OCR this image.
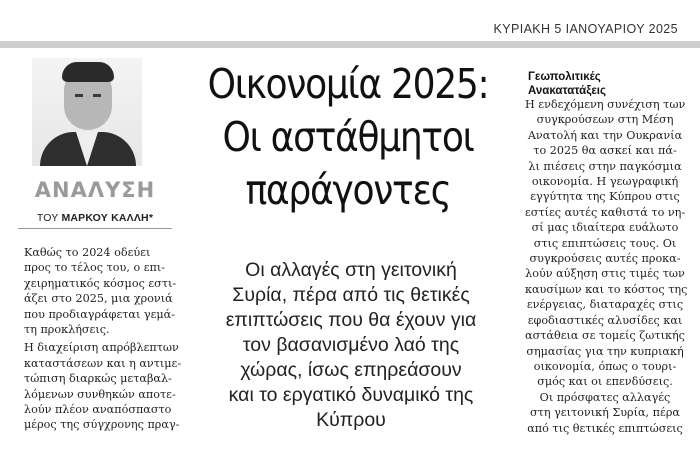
ΚΥΡΙΑΚΗ 5 ΙΑΝΟΥΑΡΙΟΥ 2025
ΑΝΑΛΥΣΗ
ΤΟΥ ΜΑΡΚΟΥ ΚΑΛΛΗ*

Καθώς το 2024 οδεύει
προς το τέλος του, ο επι-
χειρηματικός κόσμος εστι-
άζει στο 2025, μια χρονιά
που προδιαγράφεται γεμά-
τη προκλήσεις.

Η διαχείριση απρόβλεπτων
καταστάσεων και η αντιμε-
τώπιση διαρκώς μεταβαλ-
λόμενων συνθηκών αποτε-
λούν πλέον αναπόσπαστο
μέρος της σύγχρονης πραγ-

Οικονομία 2025:
Οι αστάθμητοι
παράγοντες
Οι αλλαγές στη γειτονική
Συρία, πέρα από τις θετικές
επιπτώσεις που θα έχουν για
τον βασανισμένο λαό της
χώρας, ίσως επηρεάσουν
και το εργατικό δυναμικό της
Κύπρου
Γεωπολιτικές
Ανακατατάξεις
Η ενδεχόμενη συνέχιση των
συγκρούσεων στη Μέση
Ανατολή και την Ουκρανία
το 2025 θα ασκεί και πά-
λι πιέσεις στην παγκόσμια
οικονομία. Η γεωγραφική
εγγύτητα της Κύπρου στις
εστίες αυτές καθιστά το νη-
σί μας ιδιαίτερα ευάλωτο
στις επιπτώσεις τους. Οι
συγκρούσεις αυτές προκα-
λούν αύξηση στις τιμές των
καυσίμων και το κόστος της
ενέργειας, διαταραχές στις
εφοδιαστικές αλυσίδες και
αστάθεια σε τομείς ζωτικής
σημασίας για την κυπριακή
οικονομία, όπως ο τουρι-
σμός και οι επενδύσεις.
Οι πρόσφατες αλλαγές
στη γειτονική Συρία, πέρα
από τις θετικές επιπτώσεις
